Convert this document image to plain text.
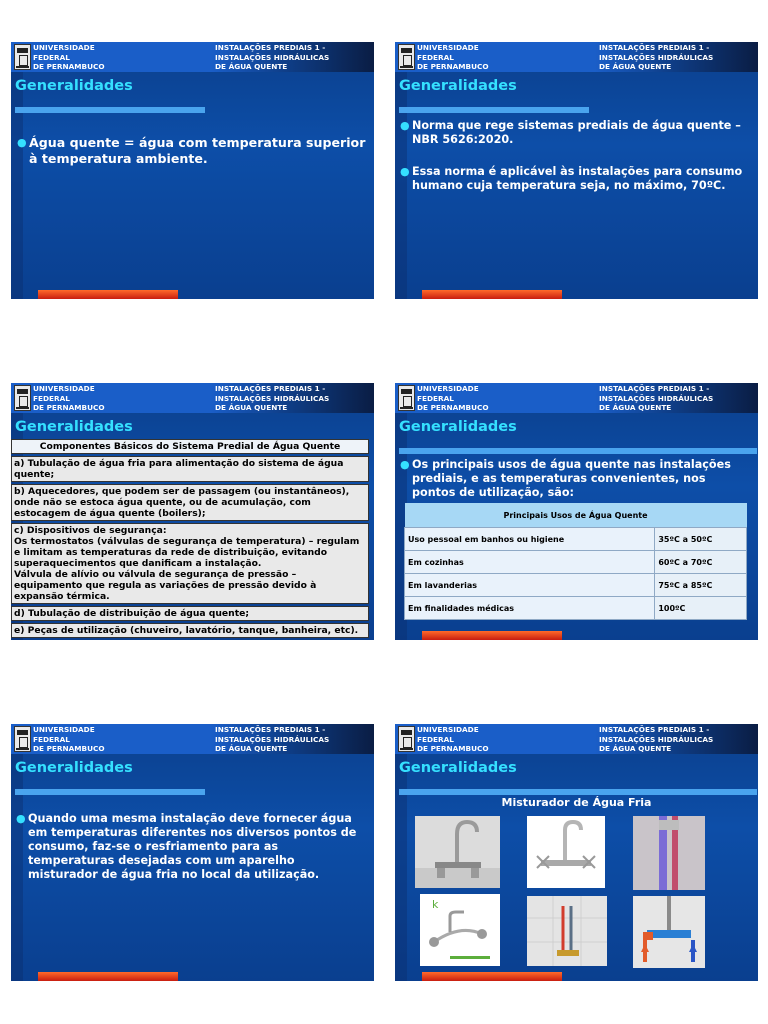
UNIVERSIDADE
FEDERAL
DE PERNAMBUCO
INSTALAÇÕES PREDIAIS 1 -
INSTALAÇÕES HIDRÁULICAS
DE ÁGUA QUENTE
Generalidades
● Água quente = água com temperatura superior à temperatura ambiente.
UNIVERSIDADE
FEDERAL
DE PERNAMBUCO
INSTALAÇÕES PREDIAIS 1 -
INSTALAÇÕES HIDRÁULICAS
DE ÁGUA QUENTE
Generalidades
● Norma que rege sistemas prediais de água quente – NBR 5626:2020.
● Essa norma é aplicável às instalações para consumo humano cuja temperatura seja, no máximo, 70ºC.
UNIVERSIDADE
FEDERAL
DE PERNAMBUCO
INSTALAÇÕES PREDIAIS 1 -
INSTALAÇÕES HIDRÁULICAS
DE ÁGUA QUENTE
Generalidades
Componentes Básicos do Sistema Predial de Água Quente
a) Tubulação de água fria para alimentação do sistema de água quente;
b) Aquecedores, que podem ser de passagem (ou instantâneos), onde não se estoca água quente, ou de acumulação, com estocagem de água quente (boilers);
c) Dispositivos de segurança:
Os termostatos (válvulas de segurança de temperatura) – regulam e limitam as temperaturas da rede de distribuição, evitando superaquecimentos que danificam a instalação.
Válvula de alívio ou válvula de segurança de pressão – equipamento que regula as variações de pressão devido à expansão térmica.
d) Tubulação de distribuição de água quente;
e) Peças de utilização (chuveiro, lavatório, tanque, banheira, etc).
UNIVERSIDADE
FEDERAL
DE PERNAMBUCO
INSTALAÇÕES PREDIAIS 1 -
INSTALAÇÕES HIDRÁULICAS
DE ÁGUA QUENTE
Generalidades
● Os principais usos de água quente nas instalações prediais, e as temperaturas convenientes, nos pontos de utilização, são:
Principais Usos de Água Quente	
Uso pessoal em banhos ou higiene	35ºC a 50ºC
Em cozinhas	60ºC a 70ºC
Em lavanderias	75ºC a 85ºC
Em finalidades médicas	100ºC
UNIVERSIDADE
FEDERAL
DE PERNAMBUCO
INSTALAÇÕES PREDIAIS 1 -
INSTALAÇÕES HIDRÁULICAS
DE ÁGUA QUENTE
Generalidades
● Quando uma mesma instalação deve fornecer água em temperaturas diferentes nos diversos pontos de consumo, faz-se o resfriamento para as temperaturas desejadas com um aparelho misturador de água fria no local da utilização.
UNIVERSIDADE
FEDERAL
DE PERNAMBUCO
INSTALAÇÕES PREDIAIS 1 -
INSTALAÇÕES HIDRÁULICAS
DE ÁGUA QUENTE
Generalidades
Misturador de Água Fria
k
